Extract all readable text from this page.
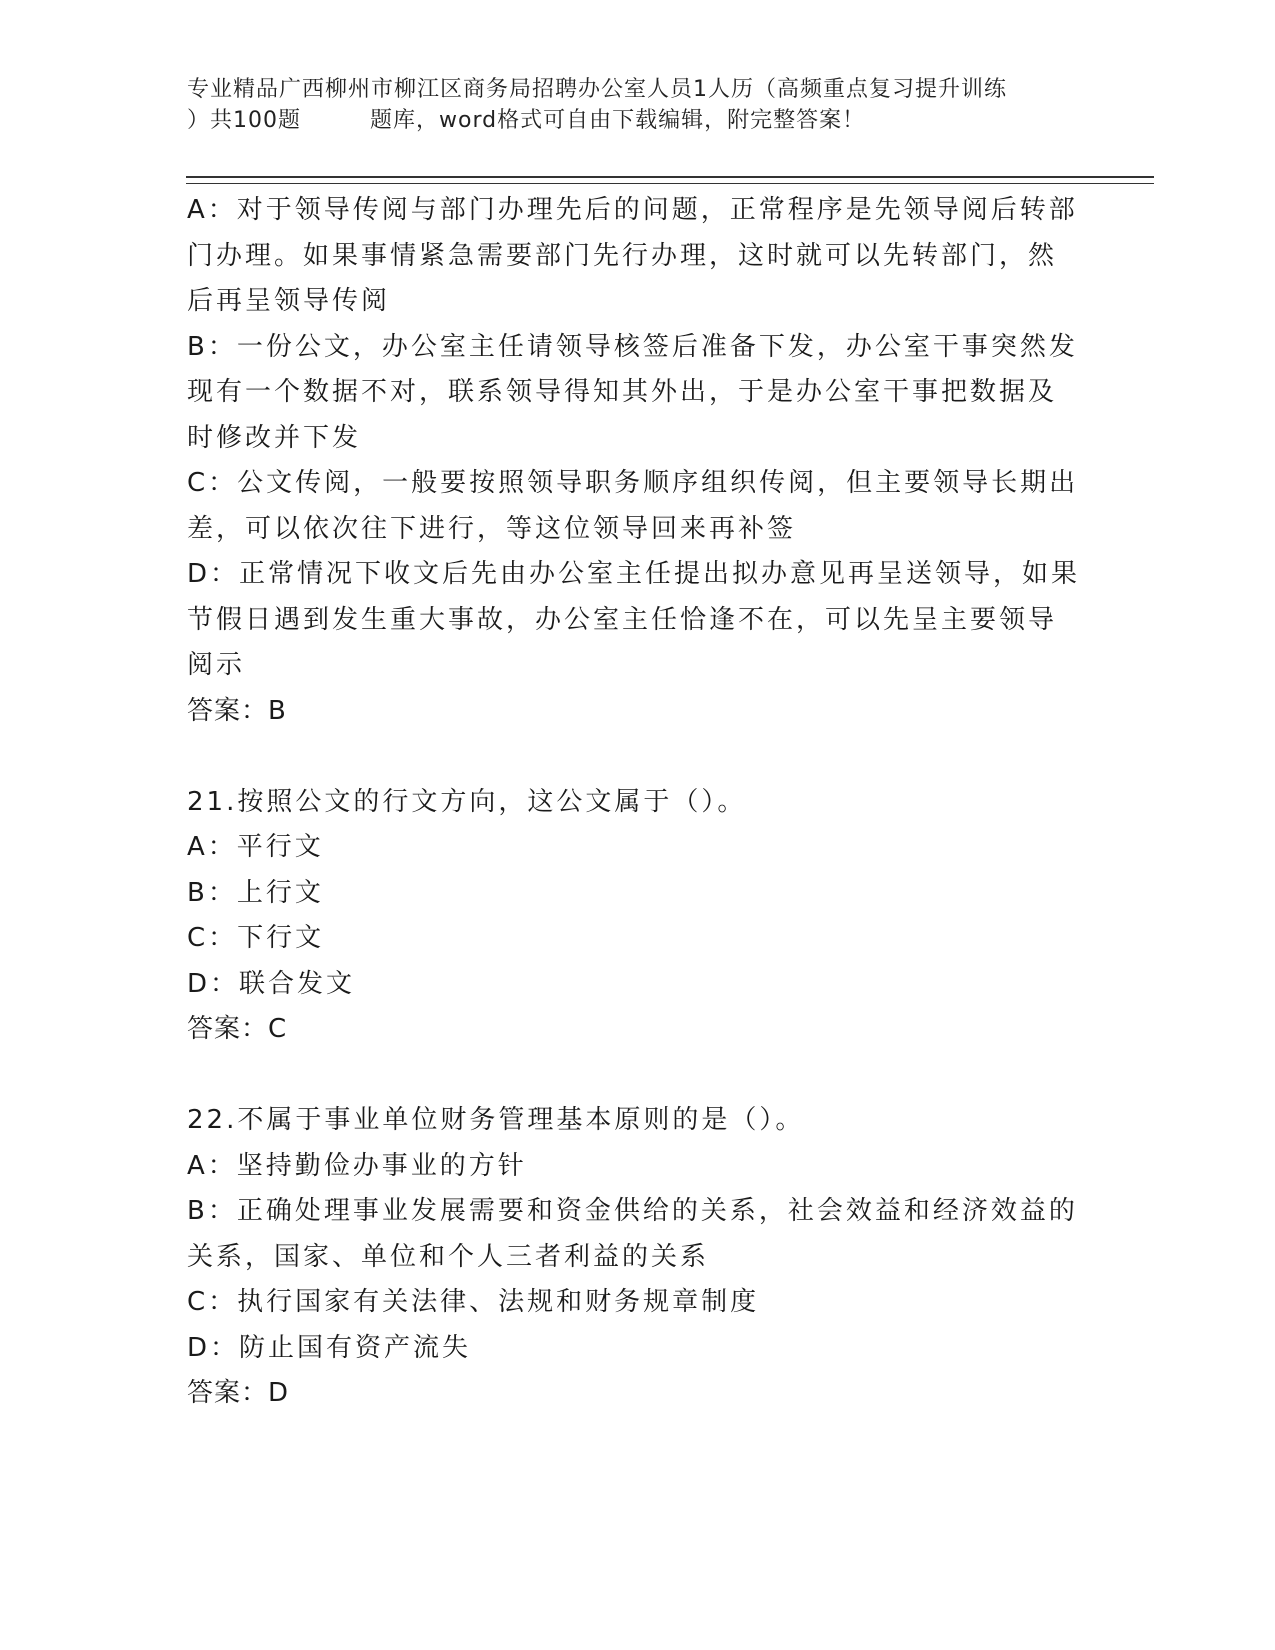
专业精品广西柳州市柳江区商务局招聘办公室人员1人历（高频重点复习提升训练
）共100题　　　题库，word格式可自由下载编辑，附完整答案！
A：对于领导传阅与部门办理先后的问题，正常程序是先领导阅后转部
门办理。如果事情紧急需要部门先行办理，这时就可以先转部门，然
后再呈领导传阅
B：一份公文，办公室主任请领导核签后准备下发，办公室干事突然发
现有一个数据不对，联系领导得知其外出，于是办公室干事把数据及
时修改并下发
C：公文传阅，一般要按照领导职务顺序组织传阅，但主要领导长期出
差，可以依次往下进行，等这位领导回来再补签
D：正常情况下收文后先由办公室主任提出拟办意见再呈送领导，如果
节假日遇到发生重大事故，办公室主任恰逢不在，可以先呈主要领导
阅示
答案：B
21.按照公文的行文方向，这公文属于（）。
A：平行文
B：上行文
C：下行文
D：联合发文
答案：C
22.不属于事业单位财务管理基本原则的是（）。
A：坚持勤俭办事业的方针
B：正确处理事业发展需要和资金供给的关系，社会效益和经济效益的
关系，国家、单位和个人三者利益的关系
C：执行国家有关法律、法规和财务规章制度
D：防止国有资产流失
答案：D
